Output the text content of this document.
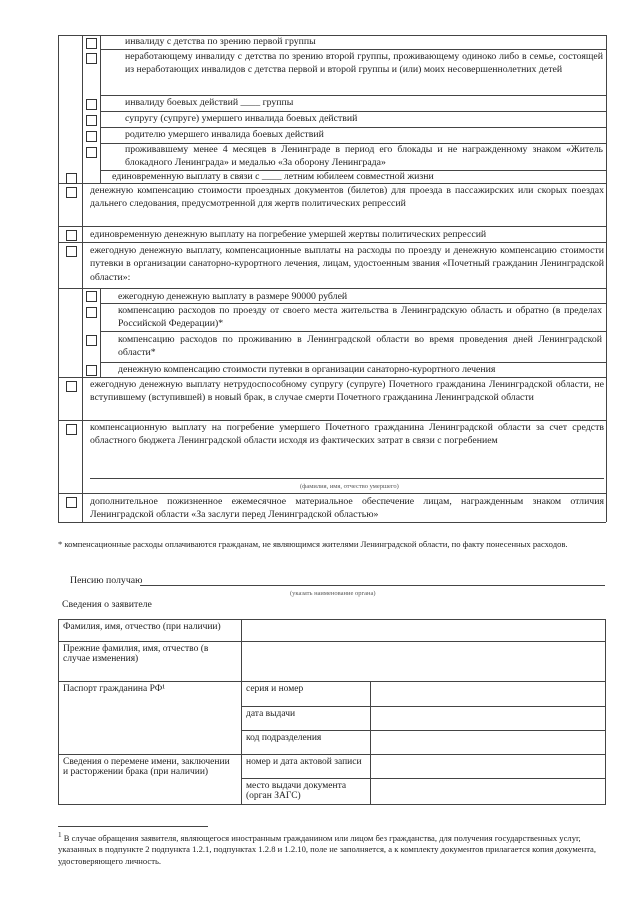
инвалиду с детства по зрению первой группы
неработающему инвалиду с детства по зрению второй группы, проживающему одиноко либо в семье, состоящей из неработающих инвалидов с детства первой и второй группы и (или) моих несовершеннолетних детей
инвалиду боевых действий ____ группы
супругу (супруге) умершего инвалида боевых действий
родителю умершего инвалида боевых действий
проживавшему менее 4 месяцев в Ленинграде в период его блокады и не награжденному знаком «Житель блокадного Ленинграда» и медалью «За оборону Ленинграда»
единовременную выплату в связи с ____ летним юбилеем совместной жизни
денежную компенсацию стоимости проездных документов (билетов) для проезда в пассажирских или скорых поездах дальнего следования, предусмотренной для жертв политических репрессий
единовременную денежную выплату на погребение умершей жертвы политических репрессий
ежегодную денежную выплату, компенсационные выплаты на расходы по проезду и денежную компенсацию стоимости путевки в организации санаторно-курортного лечения, лицам, удостоенным звания «Почетный гражданин Ленинградской области»:
ежегодную денежную выплату в размере 90000 рублей
компенсацию расходов по проезду от своего места жительства в Ленинградскую область и обратно (в пределах Российской Федерации)*
компенсацию расходов по проживанию в Ленинградской области во время проведения дней Ленинградской области*
денежную компенсацию стоимости путевки в организации санаторно-курортного лечения
ежегодную денежную выплату нетрудоспособному супругу (супруге) Почетного гражданина Ленинградской области, не вступившему (вступившей) в новый брак, в случае смерти Почетного гражданина Ленинградской области
компенсационную выплату на погребение умершего Почетного гражданина Ленинградской области за счет средств областного бюджета Ленинградской области исходя из фактических затрат в связи с погребением
(фамилия, имя, отчество умершего)
дополнительное пожизненное ежемесячное материальное обеспечение лицам, награжденным знаком отличия Ленинградской области «За заслуги перед Ленинградской областью»
* компенсационные расходы оплачиваются гражданам, не являющимся жителями Ленинградской области, по факту понесенных расходов.
Пенсию получаю
(указать наименование органа)
Сведения о заявителе
Фамилия, имя, отчество (при наличии)		
Прежние фамилия, имя, отчество (в случае изменения)		
Паспорт гражданина РФ¹	серия и номер	
	дата выдачи	
	код подразделения	
Сведения о перемене имени, заключении и расторжении брака (при наличии)	номер и дата актовой записи	
	место выдачи документа (орган ЗАГС)	
$^1$ В случае обращения заявителя, являющегося иностранным гражданином или лицом без гражданства, для получения государственных услуг, указанных в подпункте 2 подпункта 1.2.1, подпунктах 1.2.8 и 1.2.10, поле не заполняется, а к комплекту документов прилагается копия документа, удостоверяющего личность.
